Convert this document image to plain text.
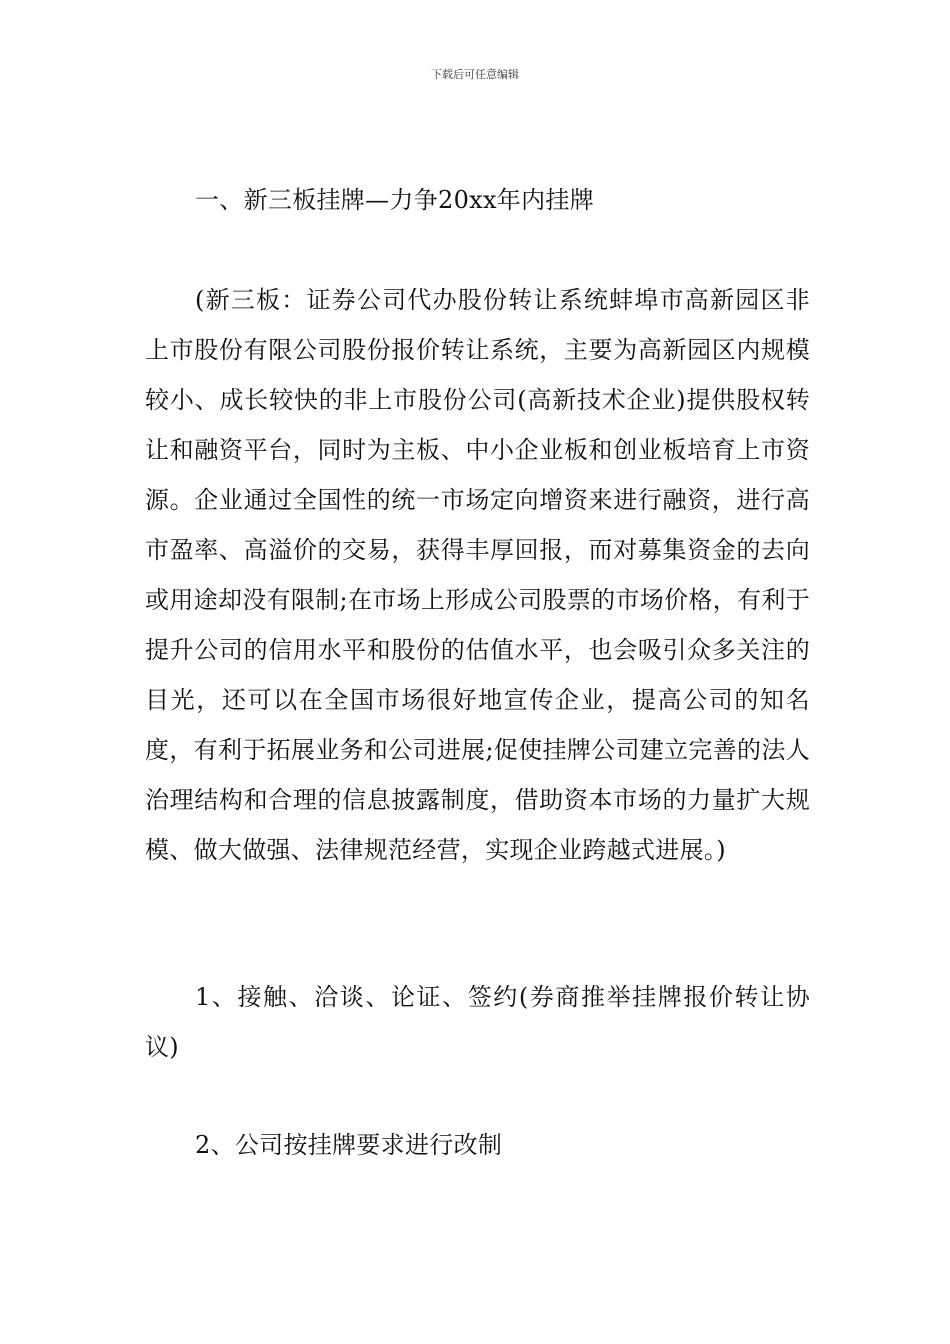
下载后可任意编辑
一、新三板挂牌—力争20xx年内挂牌
(新三板：证券公司代办股份转让系统蚌埠市高新园区非上市股份有限公司股份报价转让系统，主要为高新园区内规模较小、成长较快的非上市股份公司(高新技术企业)提供股权转让和融资平台，同时为主板、中小企业板和创业板培育上市资源。企业通过全国性的统一市场定向增资来进行融资，进行高市盈率、高溢价的交易，获得丰厚回报，而对募集资金的去向或用途却没有限制;在市场上形成公司股票的市场价格，有利于提升公司的信用水平和股份的估值水平，也会吸引众多关注的目光，还可以在全国市场很好地宣传企业，提高公司的知名度，有利于拓展业务和公司进展;促使挂牌公司建立完善的法人治理结构和合理的信息披露制度，借助资本市场的力量扩大规模、做大做强、法律规范经营，实现企业跨越式进展。)
1、接触、洽谈、论证、签约(券商推举挂牌报价转让协议)
2、公司按挂牌要求进行改制
